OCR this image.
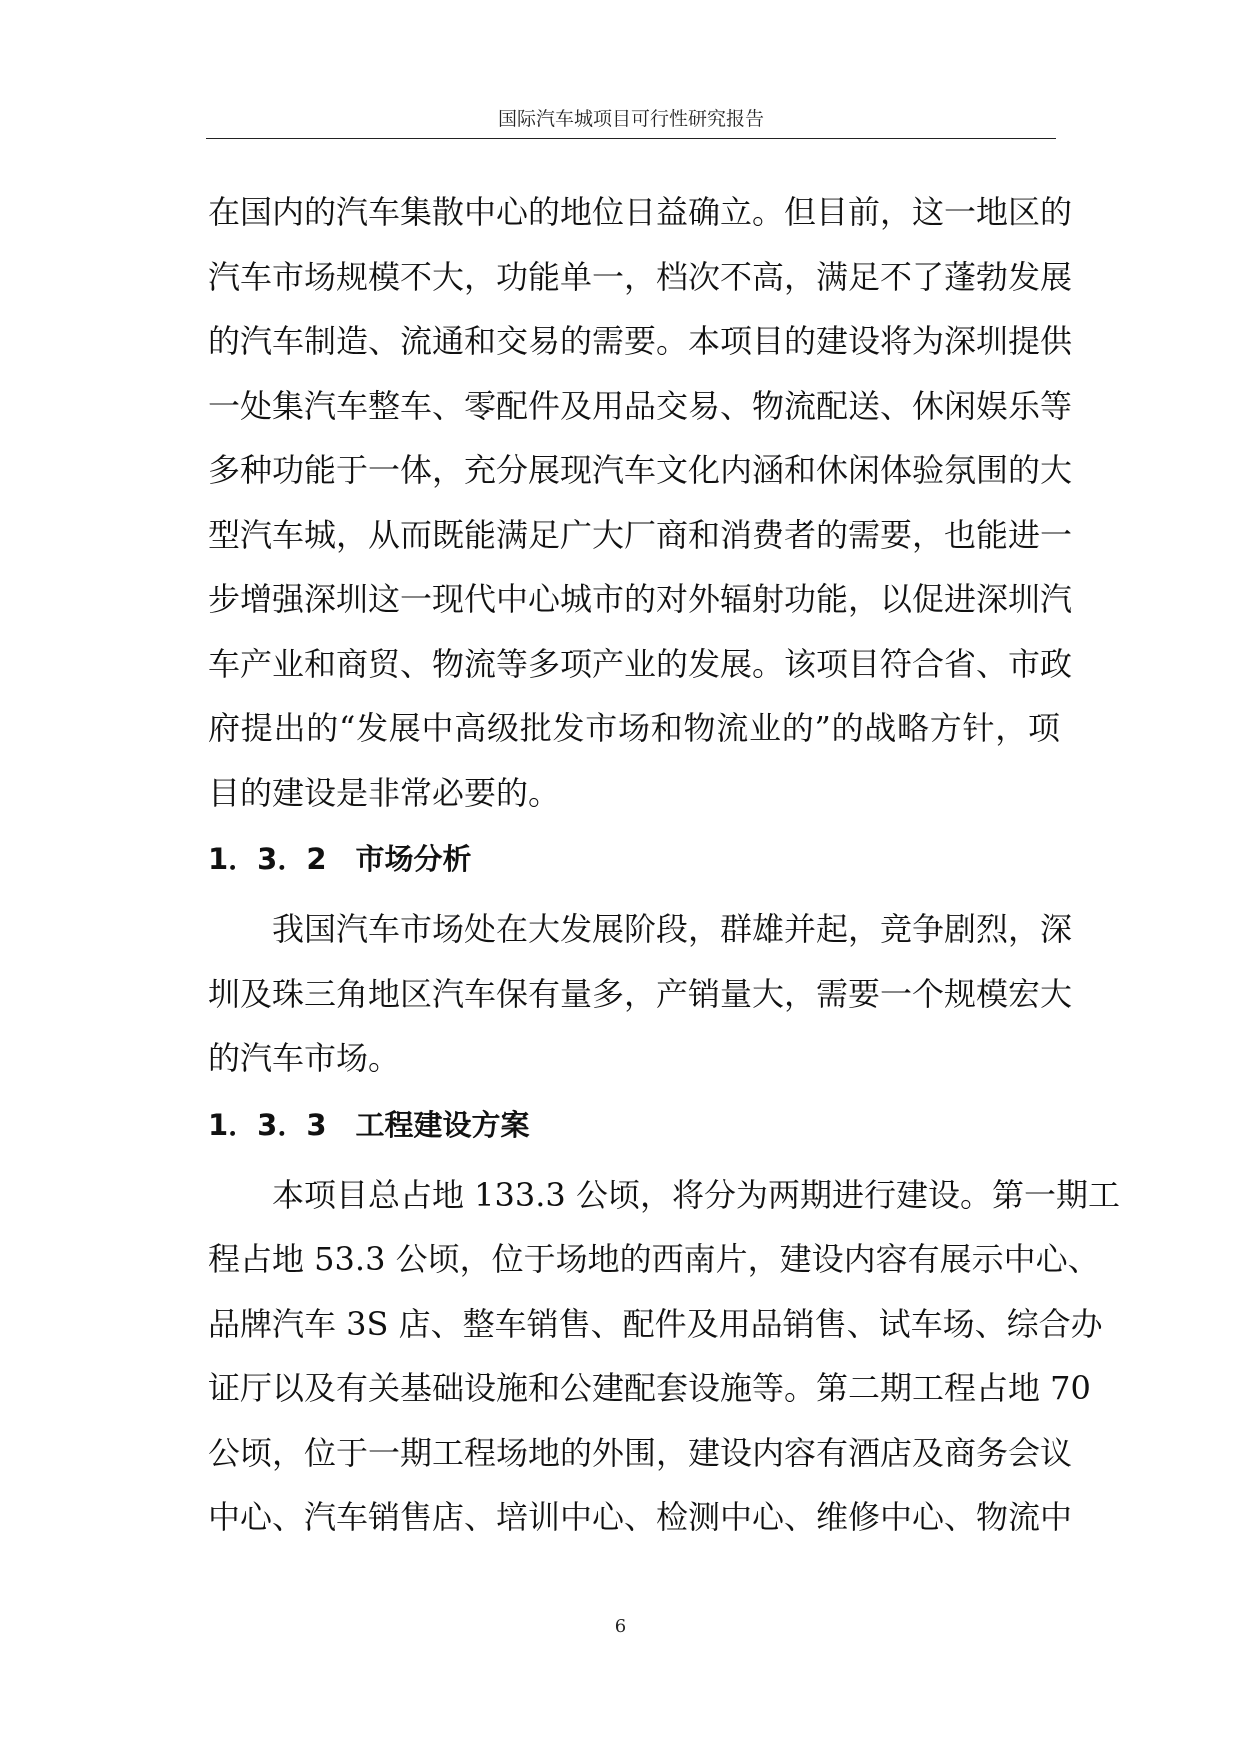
国际汽车城项目可行性研究报告
在国内的汽车集散中心的地位日益确立。但目前，这一地区的
汽车市场规模不大，功能单一，档次不高，满足不了蓬勃发展
的汽车制造、流通和交易的需要。本项目的建设将为深圳提供
一处集汽车整车、零配件及用品交易、物流配送、休闲娱乐等
多种功能于一体，充分展现汽车文化内涵和休闲体验氛围的大
型汽车城，从而既能满足广大厂商和消费者的需要，也能进一
步增强深圳这一现代中心城市的对外辐射功能，以促进深圳汽
车产业和商贸、物流等多项产业的发展。该项目符合省、市政
府提出的“发展中高级批发市场和物流业的”的战略方针，项
目的建设是非常必要的。
1．3．2　市场分析
我国汽车市场处在大发展阶段，群雄并起，竞争剧烈，深
圳及珠三角地区汽车保有量多，产销量大，需要一个规模宏大
的汽车市场。
1．3．3　工程建设方案
本项目总占地 133.3 公顷，将分为两期进行建设。第一期工
程占地 53.3 公顷，位于场地的西南片，建设内容有展示中心、
品牌汽车 3S 店、整车销售、配件及用品销售、试车场、综合办
证厅以及有关基础设施和公建配套设施等。第二期工程占地 70
公顷，位于一期工程场地的外围，建设内容有酒店及商务会议
中心、汽车销售店、培训中心、检测中心、维修中心、物流中
6
